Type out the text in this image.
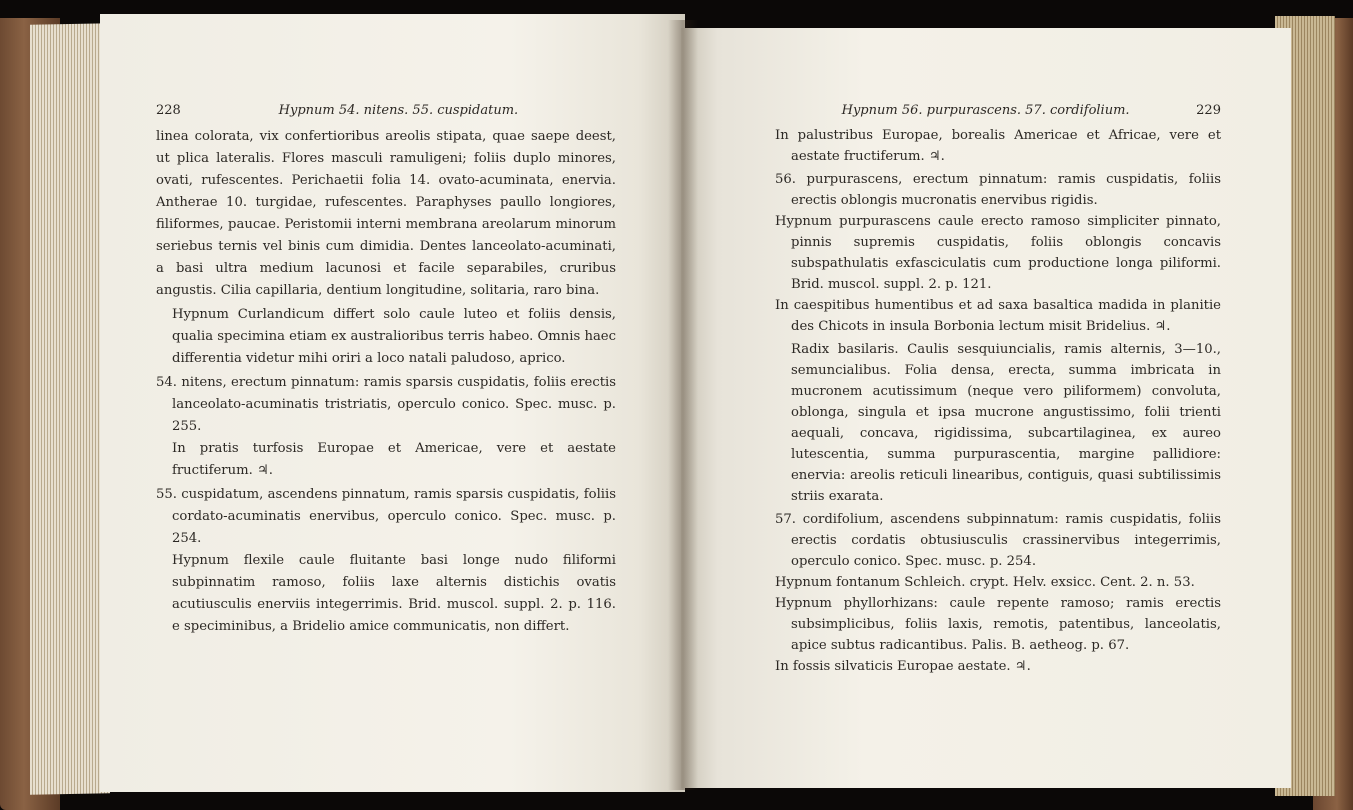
228	Hypnum 54. nitens. 55. cuspidatum.

linea colorata, vix confertioribus areolis stipata, quae saepe deest, ut plica lateralis. Flores masculi ramuligeni; foliis duplo minores, ovati, rufescentes. Perichaetii folia 14. ovato-acuminata, enervia. Antherae 10. turgidae, rufescentes. Paraphyses paullo longiores, filiformes, paucae. Peristomii interni membrana areolarum minorum seriebus ternis vel binis cum dimidia. Dentes lanceolato-acuminati, a basi ultra medium lacunosi et facile separabiles, cruribus angustis. Cilia capillaria, dentium longitudine, solitaria, raro bina.

Hypnum Curlandicum differt solo caule luteo et foliis densis, qualia specimina etiam ex australioribus terris habeo. Omnis haec differentia videtur mihi oriri a loco natali paludoso, aprico.

54. nitens, erectum pinnatum: ramis sparsis cuspidatis, foliis erectis lanceolato-acuminatis tristriatis, operculo conico. Spec. musc. p. 255.

In pratis turfosis Europae et Americae, vere et aestate fructiferum. ♃.

55. cuspidatum, ascendens pinnatum, ramis sparsis cuspidatis, foliis cordato-acuminatis enervibus, operculo conico. Spec. musc. p. 254.

Hypnum flexile caule fluitante basi longe nudo filiformi subpinnatim ramoso, foliis laxe alternis distichis ovatis acutiusculis enerviis integerrimis. Brid. muscol. suppl. 2. p. 116. e speciminibus, a Bridelio amice communicatis, non differt.

Hypnum 56. purpurascens. 57. cordifolium.	229

In palustribus Europae, borealis Americae et Africae, vere et aestate fructiferum. ♃.

56. purpurascens, erectum pinnatum: ramis cuspidatis, foliis erectis oblongis mucronatis enervibus rigidis.

Hypnum purpurascens caule erecto ramoso simpliciter pinnato, pinnis supremis cuspidatis, foliis oblongis concavis subspathulatis exfasciculatis cum productione longa piliformi. Brid. muscol. suppl. 2. p. 121.

In caespitibus humentibus et ad saxa basaltica madida in planitie des Chicots in insula Borbonia lectum misit Bridelius. ♃.

Radix basilaris. Caulis sesquiuncialis, ramis alternis, 3—10., semuncialibus. Folia densa, erecta, summa imbricata in mucronem acutissimum (neque vero piliformem) convoluta, oblonga, singula et ipsa mucrone angustissimo, folii trienti aequali, concava, rigidissima, subcartilaginea, ex aureo lutescentia, summa purpurascentia, margine pallidiore: enervia: areolis reticuli linearibus, contiguis, quasi subtilissimis striis exarata.

57. cordifolium, ascendens subpinnatum: ramis cuspidatis, foliis erectis cordatis obtusiusculis crassinervibus integerrimis, operculo conico. Spec. musc. p. 254.

Hypnum fontanum Schleich. crypt. Helv. exsicc. Cent. 2. n. 53.

Hypnum phyllorhizans: caule repente ramoso; ramis erectis subsimplicibus, foliis laxis, remotis, patentibus, lanceolatis, apice subtus radicantibus. Palis. B. aetheog. p. 67.

In fossis silvaticis Europae aestate. ♃.
